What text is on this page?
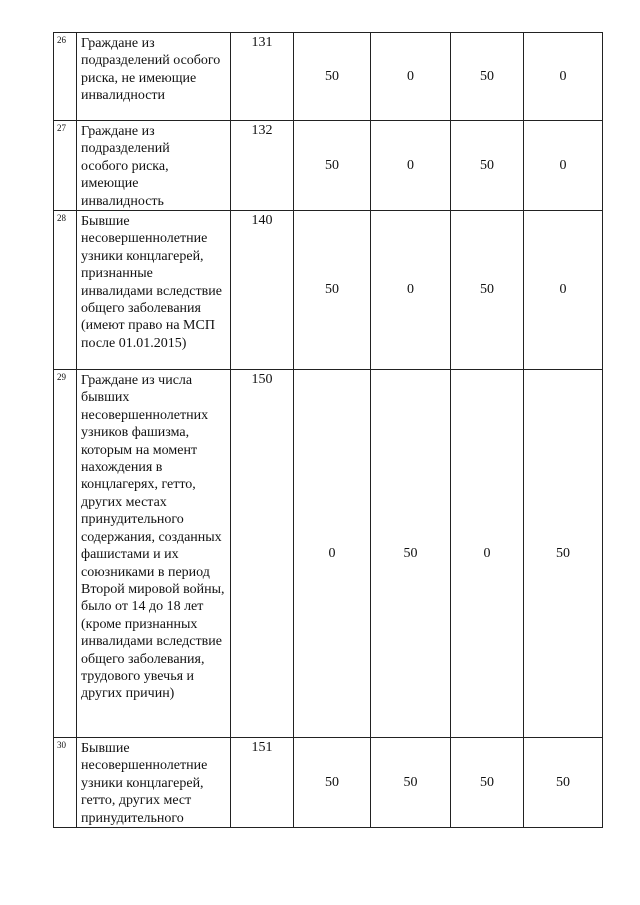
26	Граждане из подразделений особого риска, не имеющие инвалидности	131	50	0	50	0
27	Граждане из подразделений особого риска, имеющие инвалидность	132	50	0	50	0
28	Бывшие несовершеннолетние узники концлагерей, признанные инвалидами вследствие общего заболевания (имеют право на МСП после 01.01.2015)	140	50	0	50	0
29	Граждане из числа бывших несовершеннолетних узников фашизма, которым на момент нахождения в концлагерях, гетто, других местах принудительного содержания, созданных фашистами и их союзниками в период Второй мировой войны, было от 14 до 18 лет (кроме признанных инвалидами вследствие общего заболевания, трудового увечья и других причин)	150	0	50	0	50
30	Бывшие несовершеннолетние узники концлагерей, гетто, других мест принудительного	151	50	50	50	50
